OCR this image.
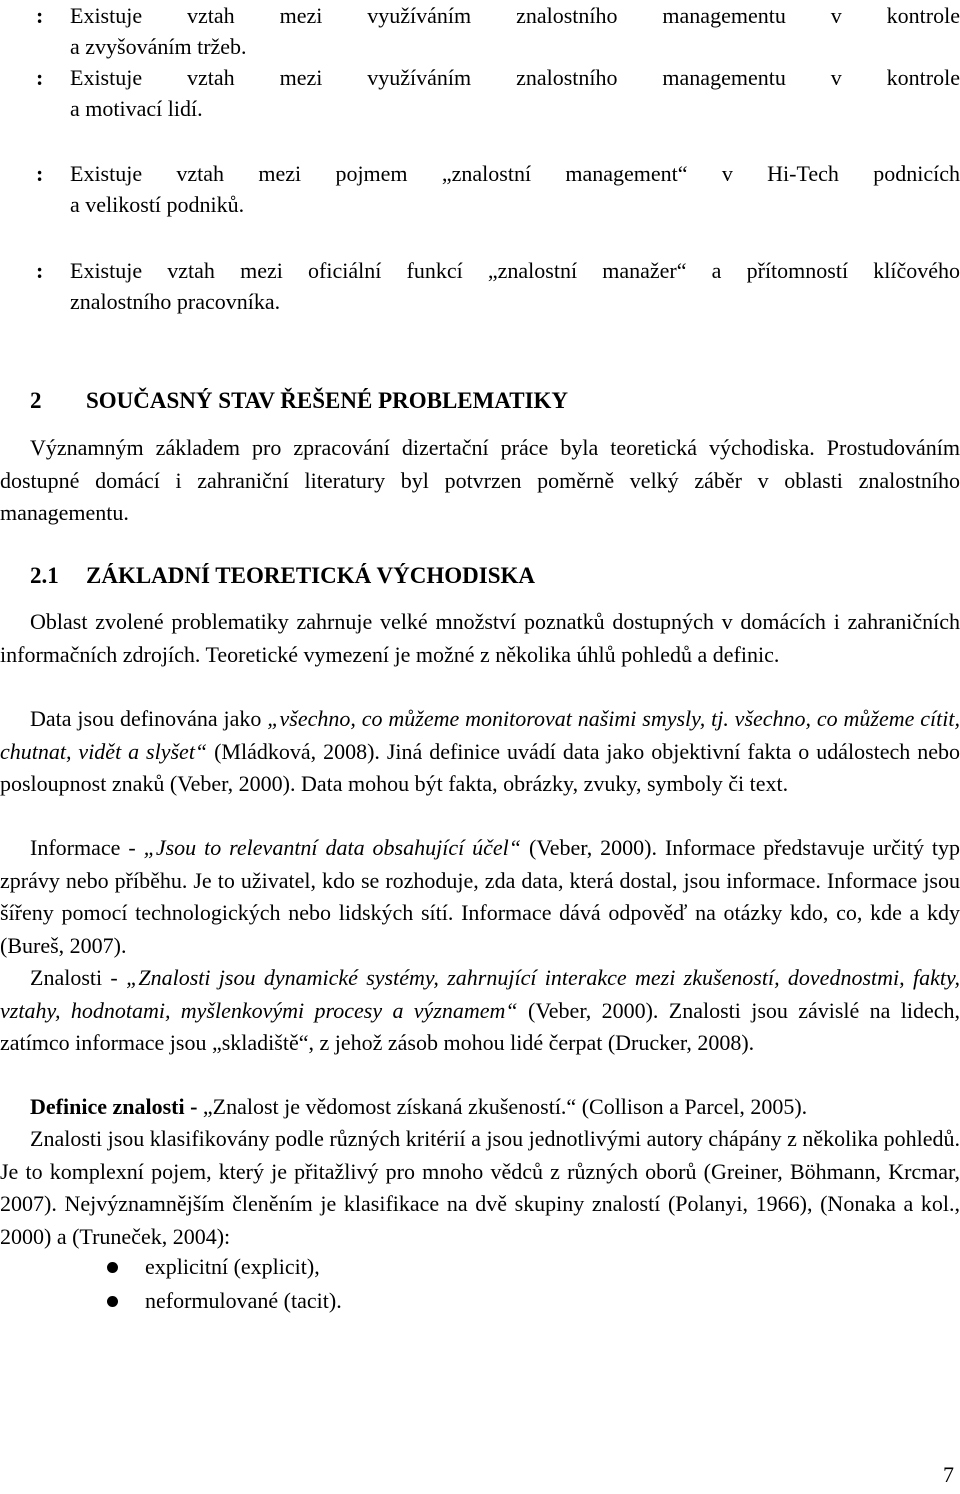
: Existuje vztah mezi využíváním znalostního managementu v kontrole
a zvyšováním tržeb.
: Existuje vztah mezi využíváním znalostního managementu v kontrole
a motivací lidí.
: Existuje vztah mezi pojmem „znalostní management“ v Hi-Tech podnicích
a velikostí podniků.
: Existuje vztah mezi oficiální funkcí „znalostní manažer“ a přítomností klíčového
znalostního pracovníka.
2 SOUČASNÝ STAV ŘEŠENÉ PROBLEMATIKY

Významným základem pro zpracování dizertační práce byla teoretická východiska. Prostudováním dostupné domácí i zahraniční literatury byl potvrzen poměrně velký záběr v oblasti znalostního managementu.

2.1 ZÁKLADNÍ TEORETICKÁ VÝCHODISKA

Oblast zvolené problematiky zahrnuje velké množství poznatků dostupných v domácích i zahraničních informačních zdrojích. Teoretické vymezení je možné z několika úhlů pohledů a definic.

Data jsou definována jako „všechno, co můžeme monitorovat našimi smysly, tj. všechno, co můžeme cítit, chutnat, vidět a slyšet“ (Mládková, 2008). Jiná definice uvádí data jako objektivní fakta o událostech nebo posloupnost znaků (Veber, 2000). Data mohou být fakta, obrázky, zvuky, symboly či text.

Informace - „Jsou to relevantní data obsahující účel“ (Veber, 2000). Informace představuje určitý typ zprávy nebo příběhu. Je to uživatel, kdo se rozhoduje, zda data, která dostal, jsou informace. Informace jsou šířeny pomocí technologických nebo lidských sítí. Informace dává odpověď na otázky kdo, co, kde a kdy (Bureš, 2007).

Znalosti - „Znalosti jsou dynamické systémy, zahrnující interakce mezi zkušeností, dovednostmi, fakty, vztahy, hodnotami, myšlenkovými procesy a významem“ (Veber, 2000). Znalosti jsou závislé na lidech, zatímco informace jsou „skladiště“, z jehož zásob mohou lidé čerpat (Drucker, 2008).

Definice znalosti - „Znalost je vědomost získaná zkušeností.“ (Collison a Parcel, 2005).

Znalosti jsou klasifikovány podle různých kritérií a jsou jednotlivými autory chápány z několika pohledů. Je to komplexní pojem, který je přitažlivý pro mnoho vědců z různých oborů (Greiner, Böhmann, Krcmar, 2007). Nejvýznamnějším členěním je klasifikace na dvě skupiny znalostí (Polanyi, 1966), (Nonaka a kol., 2000) a (Truneček, 2004):

explicitní (explicit),
neformulované (tacit).
7
